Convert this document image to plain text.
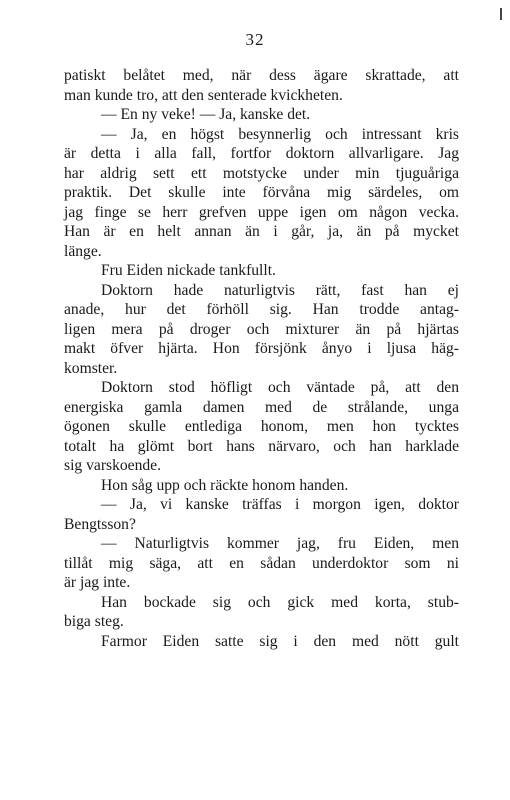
32
patiskt belåtet med, när dess ägare skrattade, att
man kunde tro, att den senterade kvickheten.
— En ny veke! — Ja, kanske det.
— Ja, en högst besynnerlig och intressant kris
är detta i alla fall, fortfor doktorn allvarligare. Jag
har aldrig sett ett motstycke under min tjuguåriga
praktik. Det skulle inte förvåna mig särdeles, om
jag finge se herr grefven uppe igen om någon vecka.
Han är en helt annan än i går, ja, än på mycket
länge.
Fru Eiden nickade tankfullt.
Doktorn hade naturligtvis rätt, fast han ej
anade, hur det förhöll sig. Han trodde antag-
ligen mera på droger och mixturer än på hjärtas
makt öfver hjärta. Hon försjönk ånyo i ljusa häg-
komster.
Doktorn stod höfligt och väntade på, att den
energiska gamla damen med de strålande, unga
ögonen skulle entlediga honom, men hon tycktes
totalt ha glömt bort hans närvaro, och han harklade
sig varskoende.
Hon såg upp och räckte honom handen.
— Ja, vi kanske träffas i morgon igen, doktor
Bengtsson?
— Naturligtvis kommer jag, fru Eiden, men
tillåt mig säga, att en sådan underdoktor som ni
är jag inte.
Han bockade sig och gick med korta, stub-
biga steg.
Farmor Eiden satte sig i den med nött gult
